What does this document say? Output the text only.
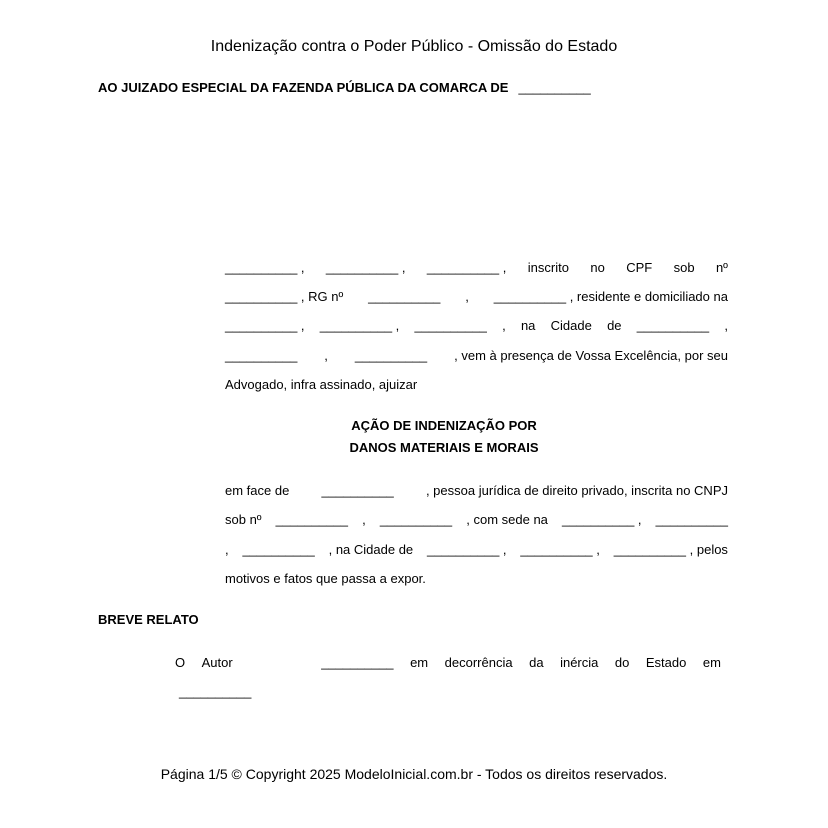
Indenização contra o Poder Público - Omissão do Estado
AO JUIZADO ESPECIAL DA FAZENDA PÚBLICA DA COMARCA DE __________
__________ , __________ , __________ , inscrito no CPF sob nº
__________ , RG nº __________ , __________ , residente e domiciliado na
__________ , __________ , __________ , na Cidade de __________ ,
__________ , __________ , vem à presença de Vossa Excelência, por seu
Advogado, infra assinado, ajuizar
AÇÃO DE INDENIZAÇÃO POR
DANOS MATERIAIS E MORAIS
em face de __________ , pessoa jurídica de direito privado, inscrita no CNPJ
sob nº __________ , __________ , com sede na __________ , __________
, __________ , na Cidade de __________ , __________ , __________ , pelos
motivos e fatos que passa a expor.
BREVE RELATO
O Autor	__________ em decorrência da inércia do Estado em
__________
Página 1/5 © Copyright 2025 ModeloInicial.com.br - Todos os direitos reservados.
